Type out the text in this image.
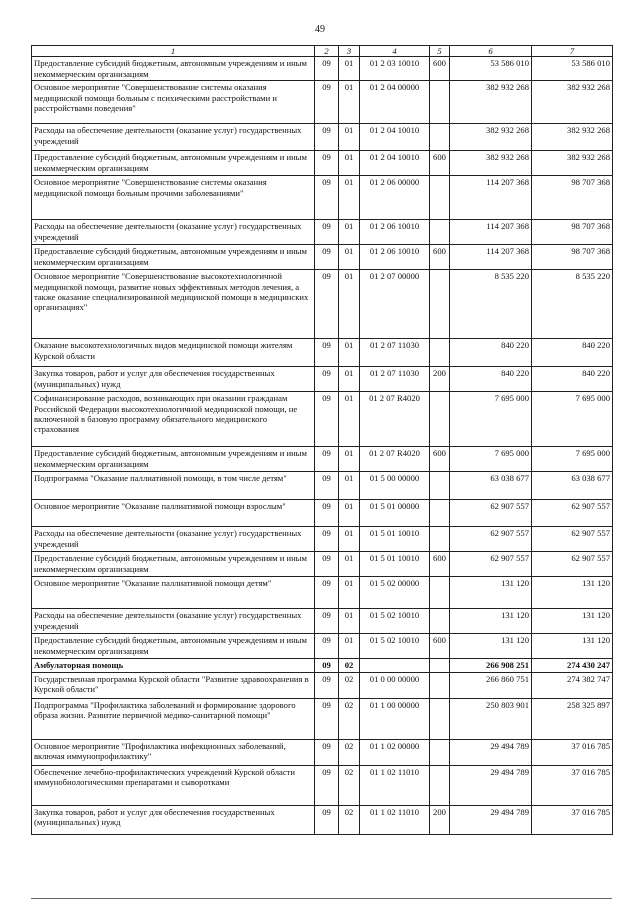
49
1	2	3	4	5	6	7
Предоставление субсидий бюджетным, автономным учреждениям и иным некоммерческим организациям	09	01	01 2 03 10010	600	53 586 010	53 586 010
Основное мероприятие "Совершенствование системы оказания медицинской помощи больным с психическими расстройствами и расстройствами поведения"	09	01	01 2 04 00000		382 932 268	382 932 268
Расходы на обеспечение деятельности (оказание услуг) государственных учреждений	09	01	01 2 04 10010		382 932 268	382 932 268
Предоставление субсидий бюджетным, автономным учреждениям и иным некоммерческим организациям	09	01	01 2 04 10010	600	382 932 268	382 932 268
Основное мероприятие "Совершенствование системы оказания медицинской помощи больным прочими заболеваниями"	09	01	01 2 06 00000		114 207 368	98 707 368
Расходы на обеспечение деятельности (оказание услуг) государственных учреждений	09	01	01 2 06 10010		114 207 368	98 707 368
Предоставление субсидий бюджетным, автономным учреждениям и иным некоммерческим организациям	09	01	01 2 06 10010	600	114 207 368	98 707 368
Основное мероприятие "Совершенствование высокотехнологичной медицинской помощи, развитие новых эффективных методов лечения, а также оказание специализированной медицинской помощи в медицинских организациях"	09	01	01 2 07 00000		8 535 220	8 535 220
Оказание высокотехнологичных видов медицинской помощи жителям Курской области	09	01	01 2 07 11030		840 220	840 220
Закупка товаров, работ и услуг для обеспечения государственных (муниципальных) нужд	09	01	01 2 07 11030	200	840 220	840 220
Софинансирование расходов, возникающих при оказании гражданам Российской Федерации высокотехнологичной медицинской помощи, не включенной в базовую программу обязательного медицинского страхования	09	01	01 2 07 R4020		7 695 000	7 695 000
Предоставление субсидий бюджетным, автономным учреждениям и иным некоммерческим организациям	09	01	01 2 07 R4020	600	7 695 000	7 695 000
Подпрограмма "Оказание паллиативной помощи, в том числе детям"	09	01	01 5 00 00000		63 038 677	63 038 677
Основное мероприятие "Оказание паллиативной помощи взрослым"	09	01	01 5 01 00000		62 907 557	62 907 557
Расходы на обеспечение деятельности (оказание услуг) государственных учреждений	09	01	01 5 01 10010		62 907 557	62 907 557
Предоставление субсидий бюджетным, автономным учреждениям и иным некоммерческим организациям	09	01	01 5 01 10010	600	62 907 557	62 907 557
Основное мероприятие "Оказание паллиативной помощи детям"	09	01	01 5 02 00000		131 120	131 120
Расходы на обеспечение деятельности (оказание услуг) государственных учреждений	09	01	01 5 02 10010		131 120	131 120
Предоставление субсидий бюджетным, автономным учреждениям и иным некоммерческим организациям	09	01	01 5 02 10010	600	131 120	131 120
Амбулаторная помощь	09	02			266 908 251	274 430 247
Государственная программа Курской области "Развитие здравоохранения в Курской области"	09	02	01 0 00 00000		266 860 751	274 382 747
Подпрограмма "Профилактика заболеваний и формирование здорового образа жизни. Развитие первичной медико-санитарной помощи"	09	02	01 1 00 00000		250 803 901	258 325 897
Основное мероприятие "Профилактика инфекционных заболеваний, включая иммунопрофилактику"	09	02	01 1 02 00000		29 494 789	37 016 785
Обеспечение лечебно-профилактических учреждений Курской области иммунобиологическими препаратами и сыворотками	09	02	01 1 02 11010		29 494 789	37 016 785
Закупка товаров, работ и услуг для обеспечения государственных (муниципальных) нужд	09	02	01 1 02 11010	200	29 494 789	37 016 785
